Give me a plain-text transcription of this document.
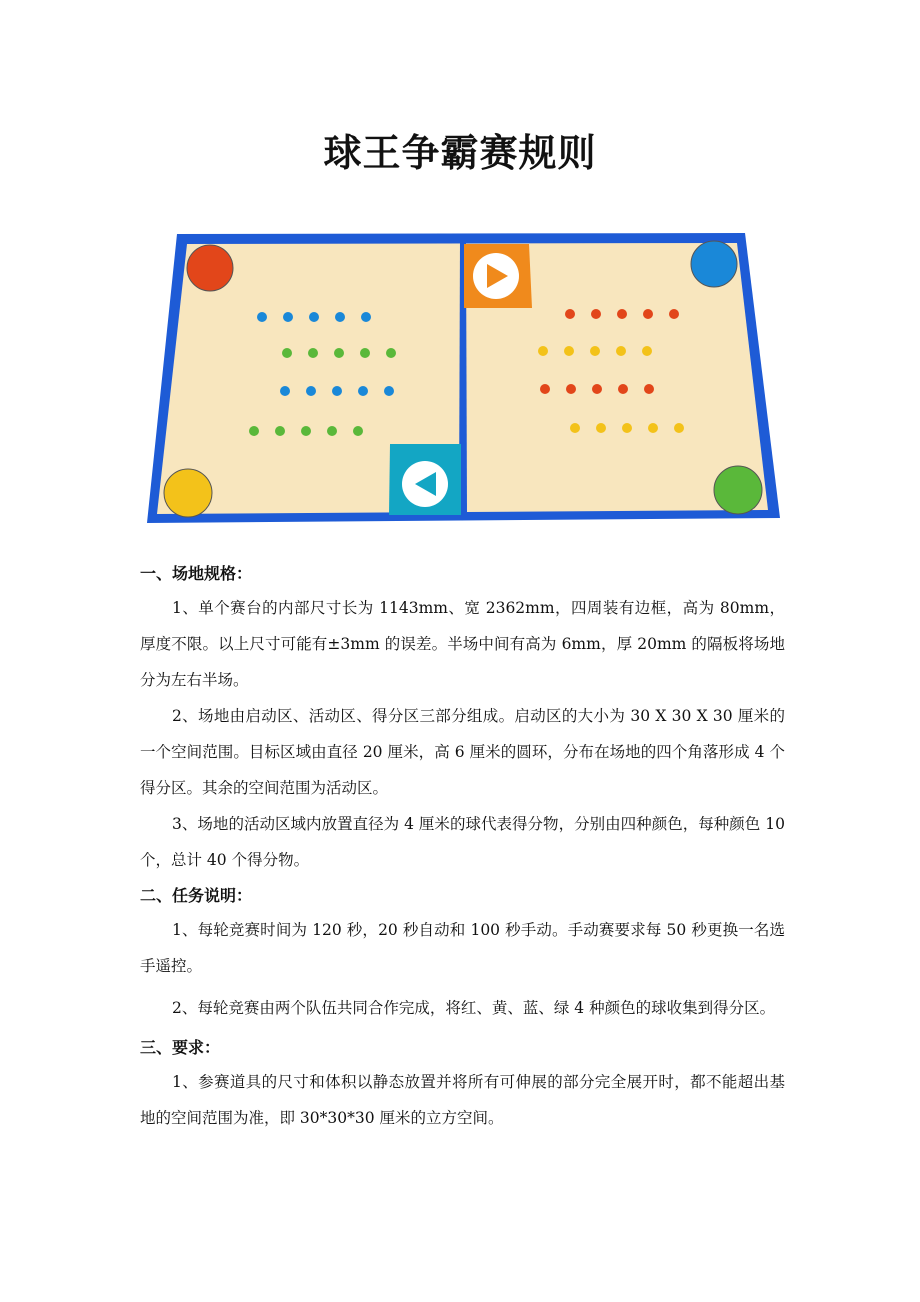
球王争霸赛规则
一、场地规格：

1、单个赛台的内部尺寸长为 1143mm、宽 2362mm，四周装有边框，高为 80mm，厚度不限。以上尺寸可能有±3mm 的误差。半场中间有高为 6mm，厚 20mm 的隔板将场地分为左右半场。

2、场地由启动区、活动区、得分区三部分组成。启动区的大小为 30 X 30 X 30 厘米的一个空间范围。目标区域由直径 20 厘米，高 6 厘米的圆环，分布在场地的四个角落形成 4 个得分区。其余的空间范围为活动区。

3、场地的活动区域内放置直径为 4 厘米的球代表得分物，分别由四种颜色，每种颜色 10 个，总计 40 个得分物。

二、任务说明：

1、每轮竞赛时间为 120 秒，20 秒自动和 100 秒手动。手动赛要求每 50 秒更换一名选手遥控。

2、每轮竞赛由两个队伍共同合作完成，将红、黄、蓝、绿 4 种颜色的球收集到得分区。

三、要求：

1、参赛道具的尺寸和体积以静态放置并将所有可伸展的部分完全展开时，都不能超出基地的空间范围为准，即 30*30*30 厘米的立方空间。
